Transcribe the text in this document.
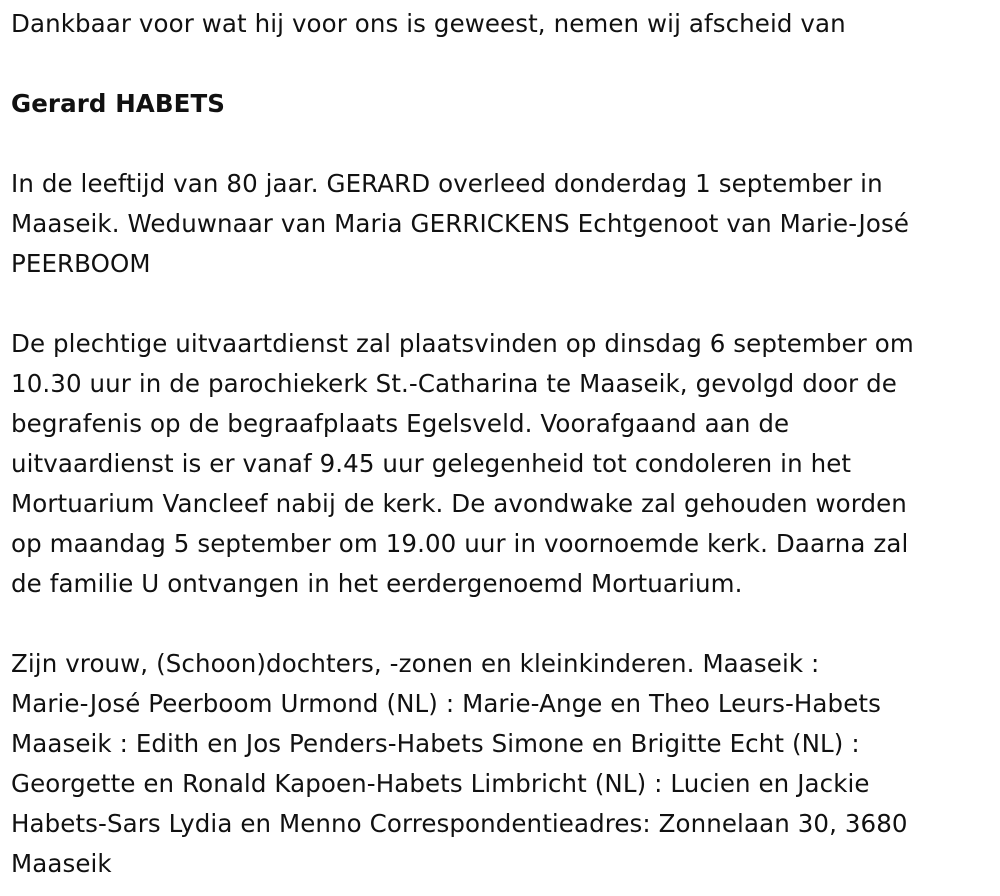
Dankbaar voor wat hij voor ons is geweest, nemen wij afscheid van
Gerard HABETS
In de leeftijd van 80 jaar. GERARD overleed donderdag 1 september in
Maaseik. Weduwnaar van Maria GERRICKENS Echtgenoot van Marie-José
PEERBOOM
De plechtige uitvaartdienst zal plaatsvinden op dinsdag 6 september om
10.30 uur in de parochiekerk St.-Catharina te Maaseik, gevolgd door de
begrafenis op de begraafplaats Egelsveld. Voorafgaand aan de
uitvaardienst is er vanaf 9.45 uur gelegenheid tot condoleren in het
Mortuarium Vancleef nabij de kerk. De avondwake zal gehouden worden
op maandag 5 september om 19.00 uur in voornoemde kerk. Daarna zal
de familie U ontvangen in het eerdergenoemd Mortuarium.
Zijn vrouw, (Schoon)dochters, -zonen en kleinkinderen. Maaseik :
Marie-José Peerboom Urmond (NL) : Marie-Ange en Theo Leurs-Habets
Maaseik : Edith en Jos Penders-Habets Simone en Brigitte Echt (NL) :
Georgette en Ronald Kapoen-Habets Limbricht (NL) : Lucien en Jackie
Habets-Sars Lydia en Menno Correspondentieadres: Zonnelaan 30, 3680
Maaseik
